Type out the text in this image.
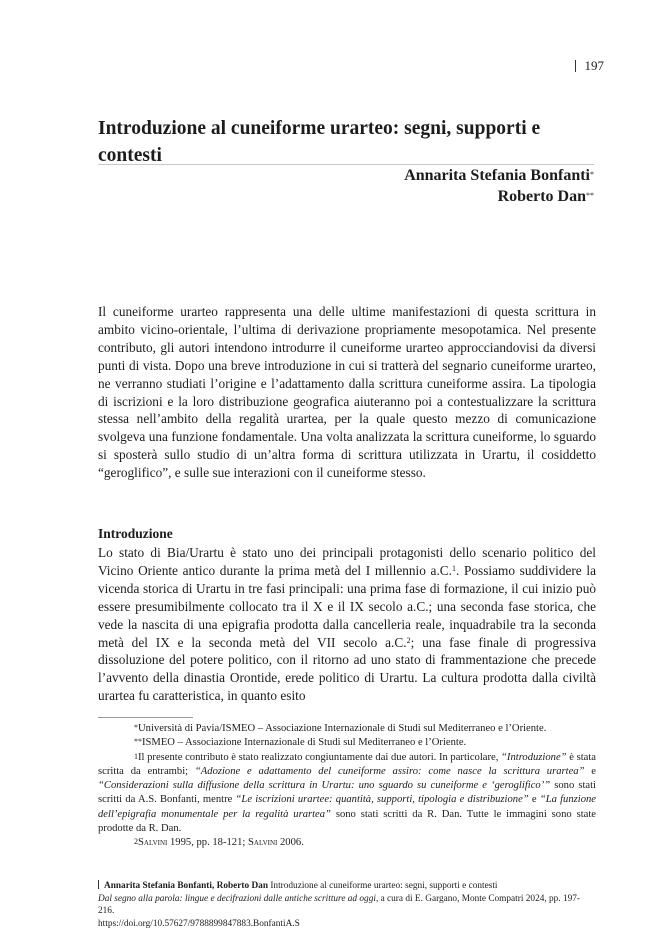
197
Introduzione al cuneiforme urarteo: segni, supporti e contesti
Annarita Stefania Bonfanti*
Roberto Dan**

Il cuneiforme urarteo rappresenta una delle ultime manifestazioni di questa scrittura in ambito vicino-orientale, l’ultima di derivazione propriamente mesopotamica. Nel presente contributo, gli autori intendono introdurre il cuneiforme urarteo approcciandovisi da diversi punti di vista. Dopo una breve introduzione in cui si tratterà del segnario cuneiforme urarteo, ne verranno studiati l’origine e l’adattamento dalla scrittura cuneiforme assira. La tipologia di iscrizioni e la loro distribuzione geografica aiuteranno poi a contestualizzare la scrittura stessa nell’ambito della regalità urartea, per la quale questo mezzo di comunicazione svolgeva una funzione fondamentale. Una volta analizzata la scrittura cuneiforme, lo sguardo si sposterà sullo studio di un’altra forma di scrittura utilizzata in Urartu, il cosiddetto “geroglifico”, e sulle sue interazioni con il cuneiforme stesso.

Introduzione

Lo stato di Bia/Urartu è stato uno dei principali protagonisti dello scenario politico del Vicino Oriente antico durante la prima metà del I millennio a.C.$^1$. Possiamo suddividere la vicenda storica di Urartu in tre fasi principali: una prima fase di formazione, il cui inizio può essere presumibilmente collocato tra il X e il IX secolo a.C.; una seconda fase storica, che vede la nascita di una epigrafia prodotta dalla cancelleria reale, inquadrabile tra la seconda metà del IX e la seconda metà del VII secolo a.C.$^2$; una fase finale di progressiva dissoluzione del potere politico, con il ritorno ad uno stato di frammentazione che precede l’avvento della dinastia Orontide, erede politico di Urartu. La cultura prodotta dalla civiltà urartea fu caratteristica, in quanto esito

*Università di Pavia/ISMEO – Associazione Internazionale di Studi sul Mediterraneo e l’Oriente.

**ISMEO – Associazione Internazionale di Studi sul Mediterraneo e l’Oriente.

1Il presente contributo è stato realizzato congiuntamente dai due autori. In particolare, “Introduzione” è stata scritta da entrambi; “Adozione e adattamento del cuneiforme assiro: come nasce la scrittura urartea” e “Considerazioni sulla diffusione della scrittura in Urartu: uno sguardo su cuneiforme e ‘geroglifico’” sono stati scritti da A.S. Bonfanti, mentre “Le iscrizioni urartee: quantità, supporti, tipologia e distribuzione” e “La funzione dell’epigrafia monumentale per la regalità urartea” sono stati scritti da R. Dan. Tutte le immagini sono state prodotte da R. Dan.

2Salvini 1995, pp. 18-121; Salvini 2006.

Annarita Stefania Bonfanti, Roberto Dan Introduzione al cuneiforme urarteo: segni, supporti e contesti
Dal segno alla parola: lingue e decifrazioni dalle antiche scritture ad oggi, a cura di E. Gargano, Monte Compatri 2024, pp. 197-216.
https://doi.org/10.57627/9788899847883.BonfantiA.S
